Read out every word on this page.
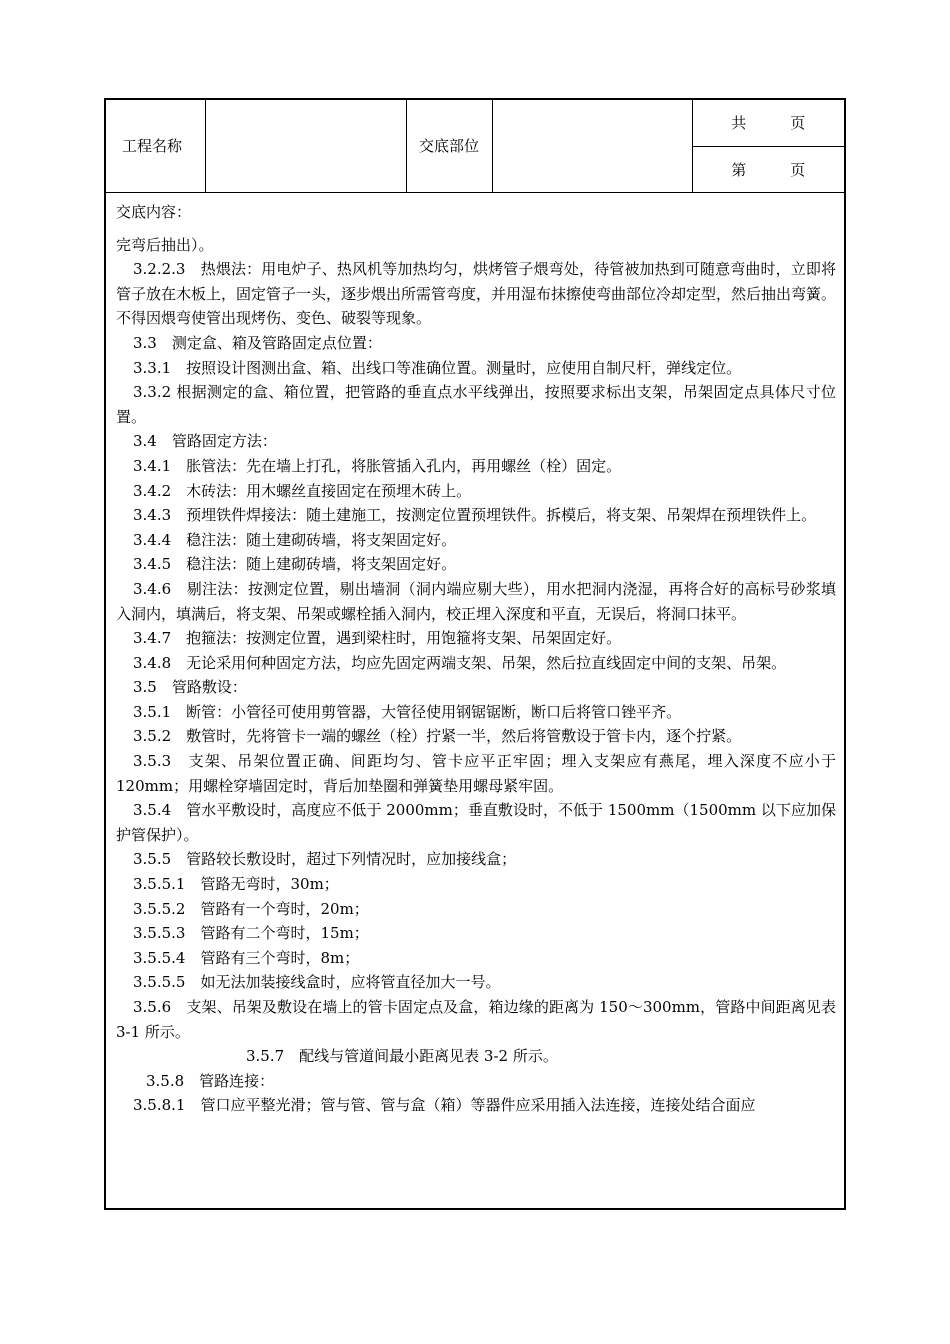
工程名称		交底部位		共	页
第	页

交底内容：

完弯后抽出）。

3.2.2.3　热煨法：用电炉子、热风机等加热均匀，烘烤管子煨弯处，待管被加热到可随意弯曲时，立即将管子放在木板上，固定管子一头，逐步煨出所需管弯度，并用湿布抹擦使弯曲部位冷却定型，然后抽出弯簧。不得因煨弯使管出现烤伤、变色、破裂等现象。

3.3　测定盒、箱及管路固定点位置：

3.3.1　按照设计图测出盒、箱、出线口等准确位置。测量时，应使用自制尺杆，弹线定位。

3.3.2 根据测定的盒、箱位置，把管路的垂直点水平线弹出，按照要求标出支架，吊架固定点具体尺寸位置。

3.4　管路固定方法：

3.4.1　胀管法：先在墙上打孔，将胀管插入孔内，再用螺丝（栓）固定。

3.4.2　木砖法：用木螺丝直接固定在预埋木砖上。

3.4.3　预埋铁件焊接法：随土建施工，按测定位置预埋铁件。拆模后，将支架、吊架焊在预埋铁件上。

3.4.4　稳注法：随土建砌砖墙，将支架固定好。

3.4.5　稳注法：随上建砌砖墙，将支架固定好。

3.4.6　剔注法：按测定位置，剔出墙洞（洞内端应剔大些），用水把洞内浇湿，再将合好的高标号砂浆填入洞内，填满后，将支架、吊架或螺栓插入洞内，校正埋入深度和平直，无误后，将洞口抹平。

3.4.7　抱箍法：按测定位置，遇到梁柱时，用饱箍将支架、吊架固定好。

3.4.8　无论采用何种固定方法，均应先固定两端支架、吊架，然后拉直线固定中间的支架、吊架。

3.5　管路敷设：

3.5.1　断管：小管径可使用剪管器，大管径使用钢锯锯断，断口后将管口锉平齐。

3.5.2　敷管时，先将管卡一端的螺丝（栓）拧紧一半，然后将管敷设于管卡内，逐个拧紧。

3.5.3　支架、吊架位置正确、间距均匀、管卡应平正牢固；埋入支架应有燕尾，埋入深度不应小于 120mm；用螺栓穿墙固定时，背后加垫圈和弹簧垫用螺母紧牢固。

3.5.4　管水平敷设时，高度应不低于 2000mm；垂直敷设时，不低于 1500mm（1500mm 以下应加保护管保护）。

3.5.5　管路较长敷设时，超过下列情况时，应加接线盒；

3.5.5.1　管路无弯时，30m；

3.5.5.2　管路有一个弯时，20m；

3.5.5.3　管路有二个弯时，15m；

3.5.5.4　管路有三个弯时，8m；

3.5.5.5　如无法加装接线盒时，应将管直径加大一号。

3.5.6　支架、吊架及敷设在墙上的管卡固定点及盒，箱边缘的距离为 150～300mm，管路中间距离见表 3-1 所示。

3.5.7　配线与管道间最小距离见表 3-2 所示。

3.5.8　管路连接：

3.5.8.1　管口应平整光滑；管与管、管与盒（箱）等器件应采用插入法连接，连接处结合面应
